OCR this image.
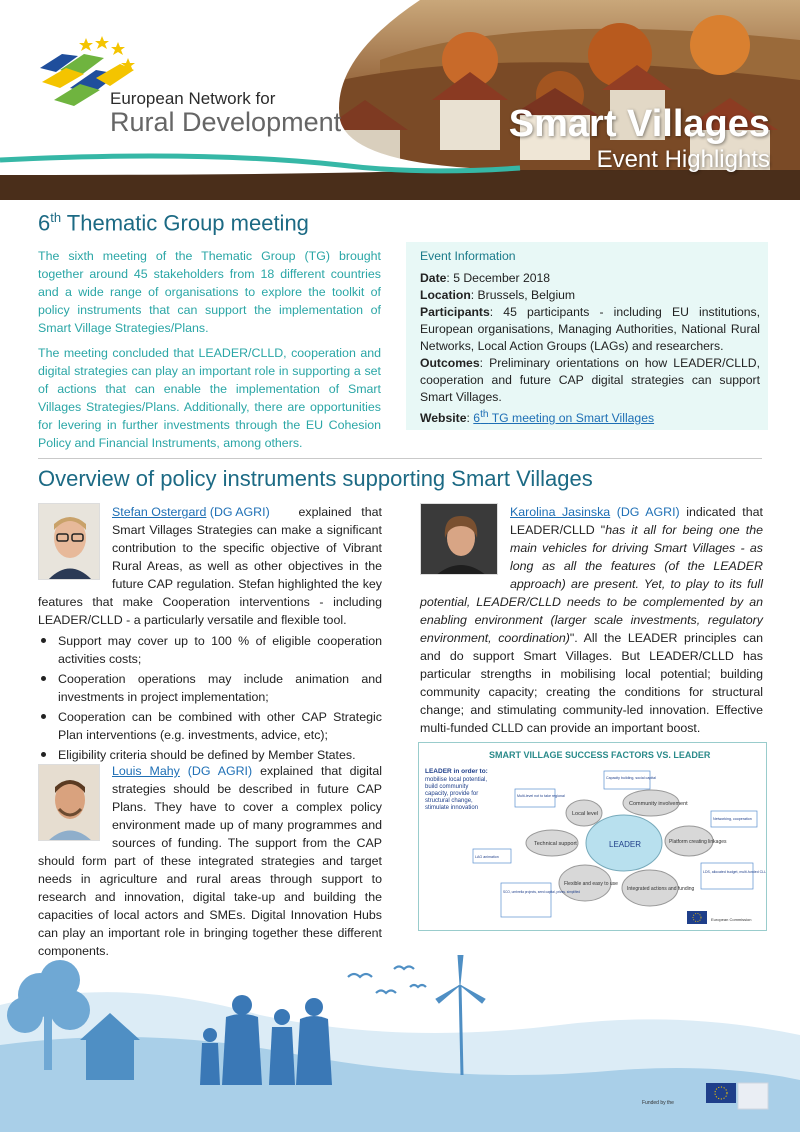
European Network for
Rural Development	Smart Villages
Event Highlights
6th Thematic Group meeting

The sixth meeting of the Thematic Group (TG) brought together around 45 stakeholders from 18 different countries and a wide range of organisations to explore the toolkit of policy instruments that can support the implementation of Smart Village Strategies/Plans.

The meeting concluded that LEADER/CLLD, cooperation and digital strategies can play an important role in supporting a set of actions that can enable the implementation of Smart Villages Strategies/Plans. Additionally, there are opportunities for levering in further investments through the EU Cohesion Policy and Financial Instruments, among others.

Event Information
Date: 5 December 2018
Location: Brussels, Belgium
Participants: 45 participants - including EU institutions, European organisations, Managing Authorities, National Rural Networks, Local Action Groups (LAGs) and researchers.
Outcomes: Preliminary orientations on how LEADER/CLLD, cooperation and future CAP digital strategies can support Smart Villages.
Website: 6th TG meeting on Smart Villages
Overview of policy instruments supporting Smart Villages
Stefan Ostergard (DG AGRI)	explained that Smart Villages Strategies can make a significant contribution to the specific objective of Vibrant Rural Areas, as well as other objectives in the future CAP regulation. Stefan highlighted the key features that make Cooperation interventions - including LEADER/CLLD - a particularly versatile and flexible tool.
Support may cover up to 100 % of eligible cooperation activities costs;
Cooperation operations may include animation and investments in project implementation;
Cooperation can be combined with other CAP Strategic Plan interventions (e.g. investments, advice, etc);
Eligibility criteria should be defined by Member States.
Louis Mahy (DG AGRI) explained that digital strategies should be described in future CAP Plans. They have to cover a complex policy environment made up of many programmes and sources of funding. The support from the CAP should form part of these integrated strategies and target needs in agriculture and rural areas through support to research and innovation, digital take-up and building the capacities of local actors and SMEs. Digital Innovation Hubs can play an important role in bringing together these different components.
Karolina Jasinska (DG AGRI) indicated that LEADER/CLLD "has it all for being one the main vehicles for driving Smart Villages - as long as all the features (of the LEADER approach) are present. Yet, to play to its full potential, LEADER/CLLD needs to be complemented by an enabling environment (larger scale investments, regulatory environment, coordination)". All the LEADER principles can and do support Smart Villages. But LEADER/CLLD has particular strengths in mobilising local potential; building community capacity; creating the conditions for structural change; and stimulating community-led innovation. Effective multi-funded CLLD can provide an important boost.
SMART VILLAGE SUCCESS FACTORS VS. LEADER
LEADER in order to:
mobilise local potential,
build community
capacity, provide for
structural change,
stimulate innovation
LEADER
Local level
Community involvement
Platform creating linkages
Integrated actions and funding
Flexible and easy to use
Technical support
Multi-level not to take regional
Capacity building, social capital
Networking, cooperation
LDS, allocated budget, multi-funded CLLD
SCO, umbrella projects, seed capital, prizes, simplified
LAG animation
European Commission
Funded by the
